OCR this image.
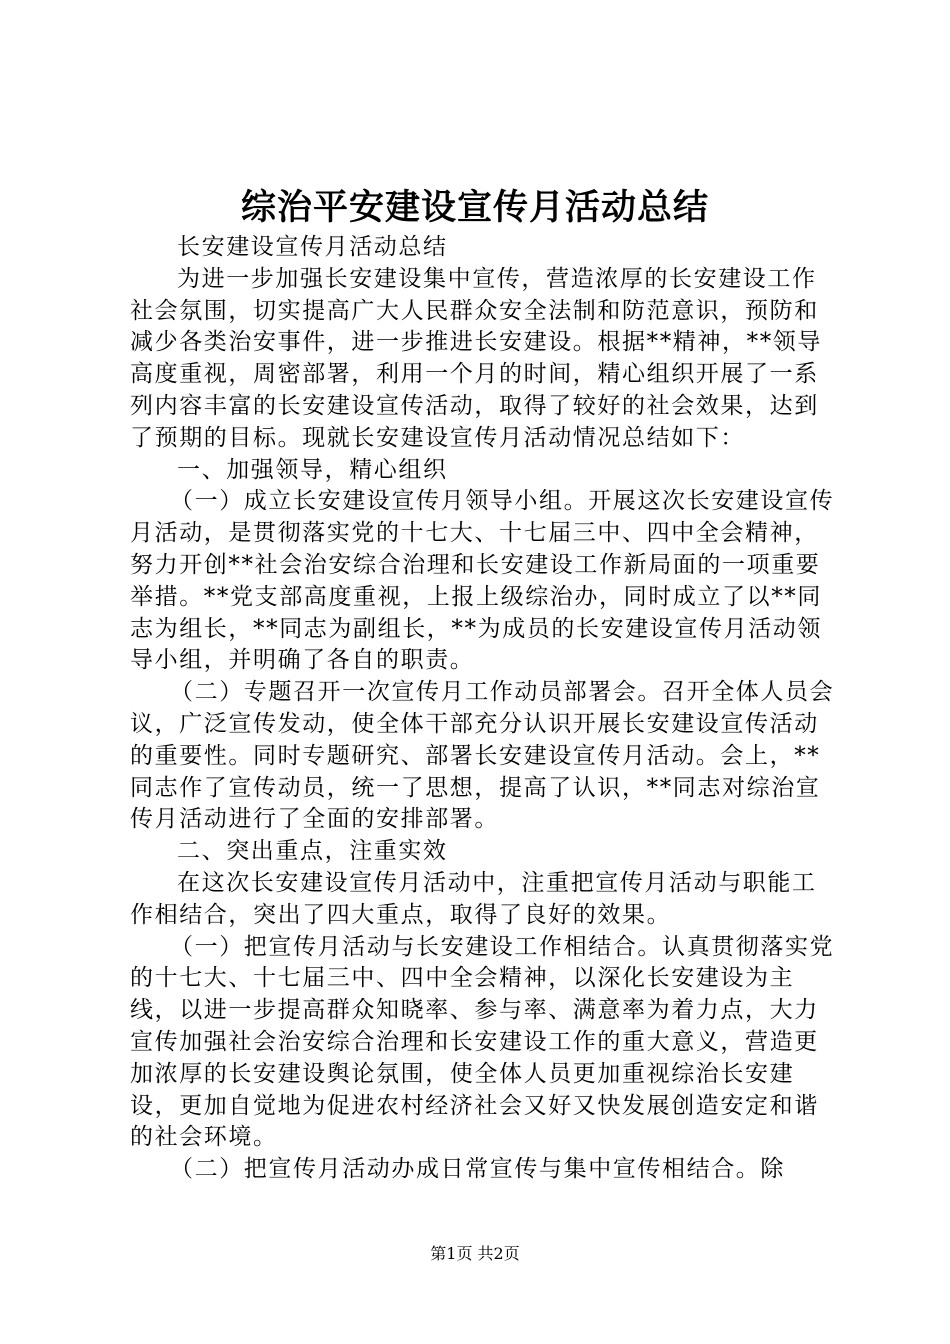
综治平安建设宣传月活动总结

长安建设宣传月活动总结

为进一步加强长安建设集中宣传，营造浓厚的长安建设工作社会氛围，切实提高广大人民群众安全法制和防范意识，预防和减少各类治安事件，进一步推进长安建设。根据**精神，**领导高度重视，周密部署，利用一个月的时间，精心组织开展了一系列内容丰富的长安建设宣传活动，取得了较好的社会效果，达到了预期的目标。现就长安建设宣传月活动情况总结如下：

一、加强领导，精心组织

（一）成立长安建设宣传月领导小组。开展这次长安建设宣传月活动，是贯彻落实党的十七大、十七届三中、四中全会精神，努力开创**社会治安综合治理和长安建设工作新局面的一项重要举措。**党支部高度重视，上报上级综治办，同时成立了以**同志为组长，**同志为副组长，**为成员的长安建设宣传月活动领导小组，并明确了各自的职责。

（二）专题召开一次宣传月工作动员部署会。召开全体人员会议，广泛宣传发动，使全体干部充分认识开展长安建设宣传活动的重要性。同时专题研究、部署长安建设宣传月活动。会上，**同志作了宣传动员，统一了思想，提高了认识，**同志对综治宣传月活动进行了全面的安排部署。

二、突出重点，注重实效

在这次长安建设宣传月活动中，注重把宣传月活动与职能工作相结合，突出了四大重点，取得了良好的效果。

（一）把宣传月活动与长安建设工作相结合。认真贯彻落实党的十七大、十七届三中、四中全会精神，以深化长安建设为主线，以进一步提高群众知晓率、参与率、满意率为着力点，大力宣传加强社会治安综合治理和长安建设工作的重大意义，营造更加浓厚的长安建设舆论氛围，使全体人员更加重视综治长安建设，更加自觉地为促进农村经济社会又好又快发展创造安定和谐的社会环境。

（二）把宣传月活动办成日常宣传与集中宣传相结合。除

第1页 共2页
